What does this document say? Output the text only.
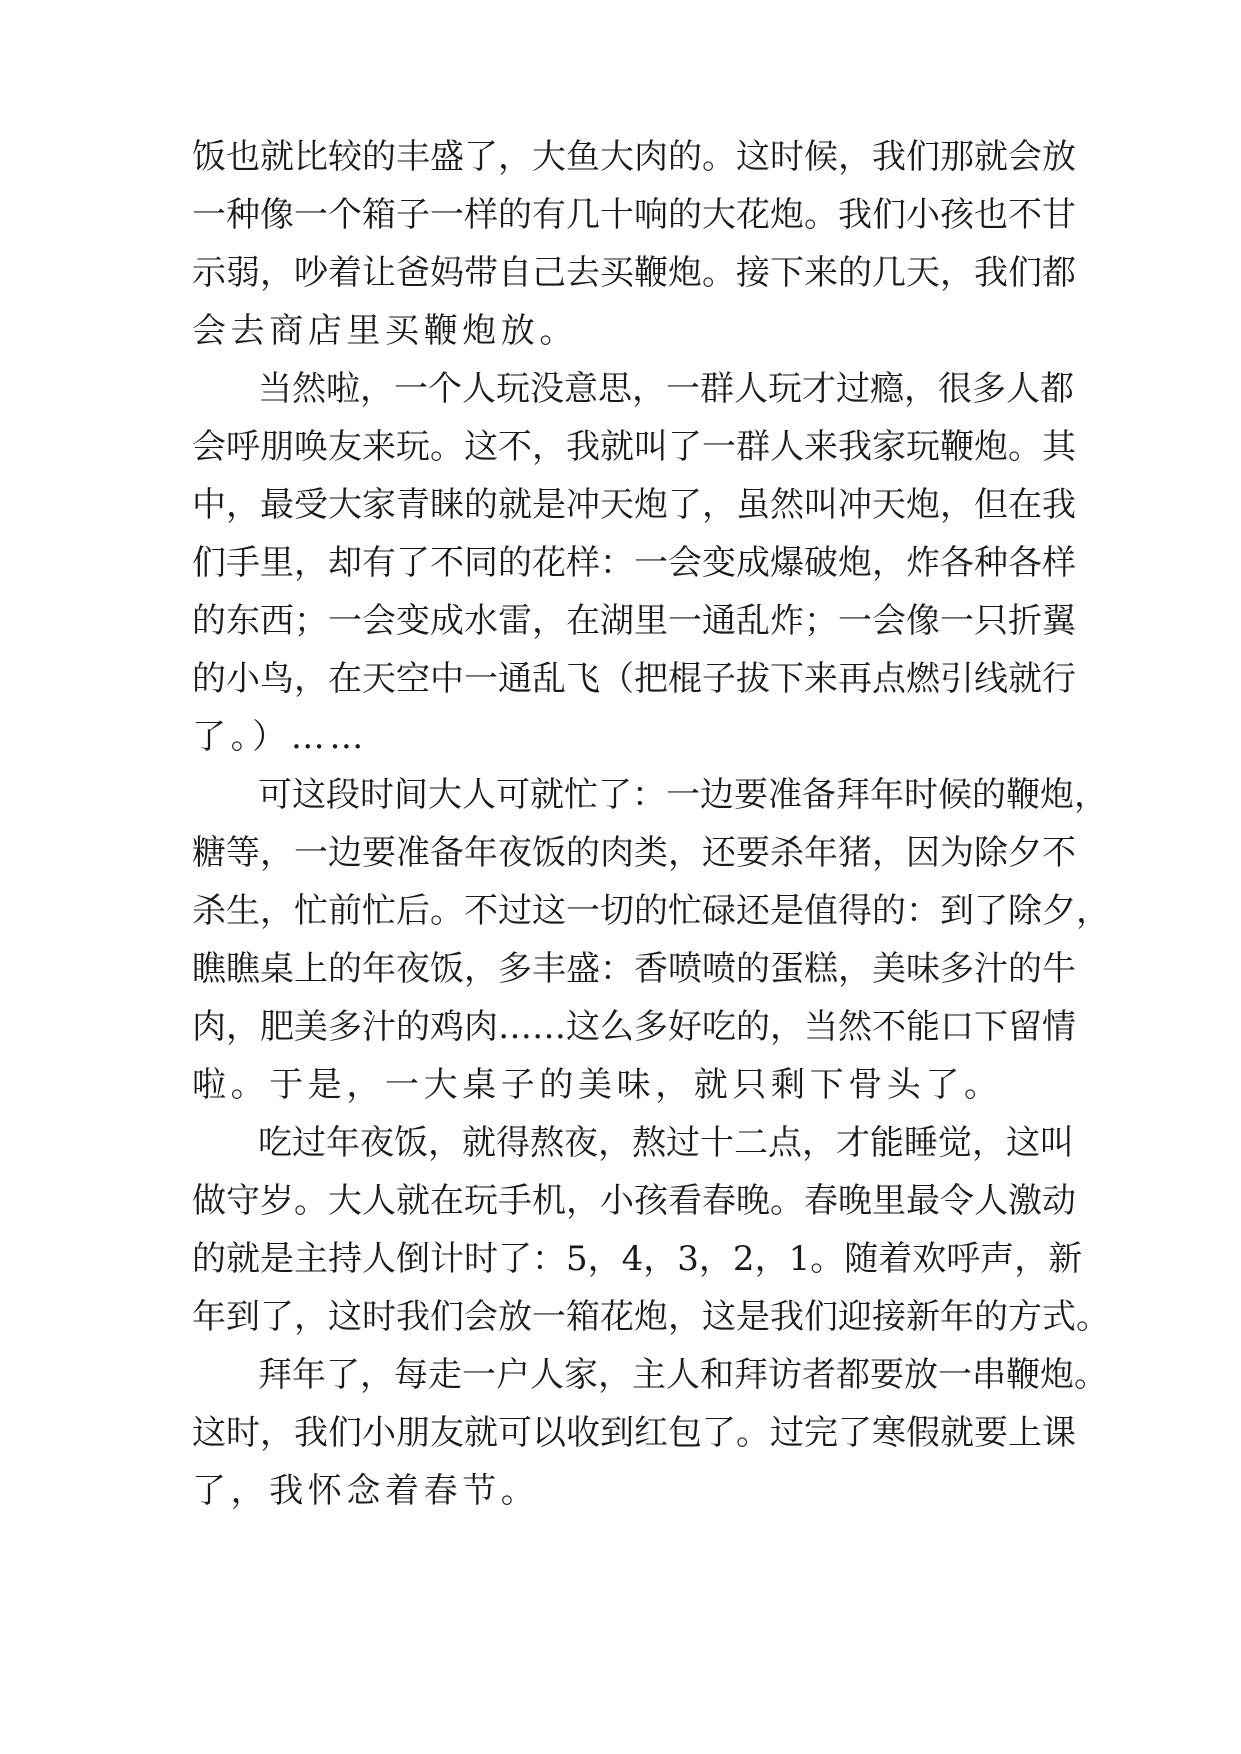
饭 也 就 比 较 的 丰 盛 了 ， 大 鱼 大 肉 的 。 这 时 候 ， 我 们 那 就 会 放
一 种 像 一 个 箱 子 一 样 的 有 几 十 响 的 大 花 炮 。 我 们 小 孩 也 不 甘
示 弱 ， 吵 着 让 爸 妈 带 自 己 去 买 鞭 炮 。 接 下 来 的 几 天 ， 我 们 都
会去商店里买鞭炮放。
当 然 啦 ， 一 个 人 玩 没 意 思 ， 一 群 人 玩 才 过 瘾 ， 很 多 人 都
会 呼 朋 唤 友 来 玩 。 这 不 ， 我 就 叫 了 一 群 人 来 我 家 玩 鞭 炮 。 其
中 ， 最 受 大 家 青 睐 的 就 是 冲 天 炮 了 ， 虽 然 叫 冲 天 炮 ， 但 在 我
们 手 里 ， 却 有 了 不 同 的 花 样 ： 一 会 变 成 爆 破 炮 ， 炸 各 种 各 样
的 东 西 ； 一 会 变 成 水 雷 ， 在 湖 里 一 通 乱 炸 ； 一 会 像 一 只 折 翼
的 小 鸟 ， 在 天 空 中 一 通 乱 飞 （ 把 棍 子 拔 下 来 再 点 燃 引 线 就 行
了。）……
可 这 段 时 间 大 人 可 就 忙 了 ： 一 边 要 准 备 拜 年 时 候 的 鞭 炮 ，
糖 等 ， 一 边 要 准 备 年 夜 饭 的 肉 类 ， 还 要 杀 年 猪 ， 因 为 除 夕 不
杀 生 ， 忙 前 忙 后 。 不 过 这 一 切 的 忙 碌 还 是 值 得 的 ： 到 了 除 夕 ，
瞧 瞧 桌 上 的 年 夜 饭 ， 多 丰 盛 ： 香 喷 喷 的 蛋 糕 ， 美 味 多 汁 的 牛
肉 ， 肥 美 多 汁 的 鸡 肉 … … 这 么 多 好 吃 的 ， 当 然 不 能 口 下 留 情
啦。于是，一大桌子的美味，就只剩下骨头了。
吃 过 年 夜 饭 ， 就 得 熬 夜 ， 熬 过 十 二 点 ， 才 能 睡 觉 ， 这 叫
做 守 岁 。 大 人 就 在 玩 手 机 ， 小 孩 看 春 晚 。 春 晚 里 最 令 人 激 动
的 就 是 主 持 人 倒 计 时 了 ： 5 ， 4 ， 3 ， 2 ， 1 。 随 着 欢 呼 声 ， 新
年 到 了 ， 这 时 我 们 会 放 一 箱 花 炮 ， 这 是 我 们 迎 接 新 年 的 方 式 。
拜 年 了 ， 每 走 一 户 人 家 ， 主 人 和 拜 访 者 都 要 放 一 串 鞭 炮 。
这 时 ， 我 们 小 朋 友 就 可 以 收 到 红 包 了 。 过 完 了 寒 假 就 要 上 课
了，我怀念着春节。
